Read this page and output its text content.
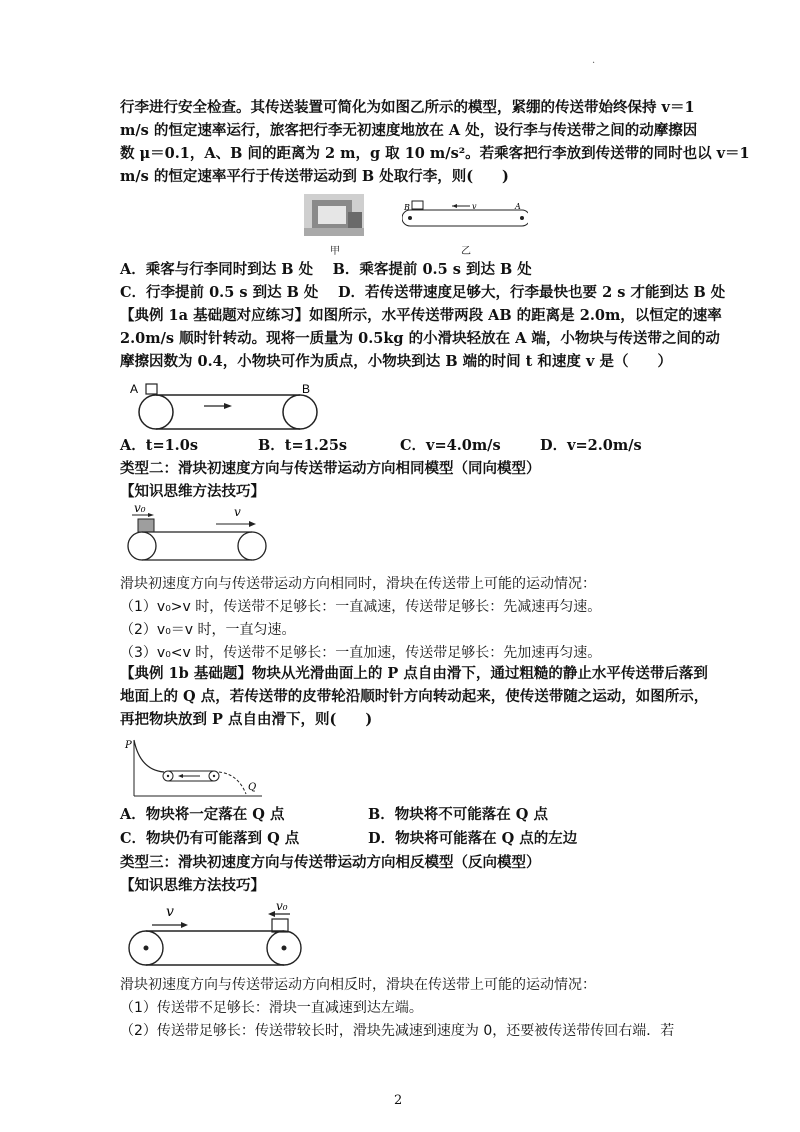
·
行李进行安全检查。其传送装置可简化为如图乙所示的模型，紧绷的传送带始终保持 v＝1
m/s 的恒定速率运行，旅客把行李无初速度地放在 A 处，设行李与传送带之间的动摩擦因
数 μ＝0.1，A、B 间的距离为 2 m，g 取 10 m/s²。若乘客把行李放到传送带的同时也以 v＝1
m/s 的恒定速率平行于传送带运动到 B 处取行李，则(　　)
甲
B	v	A
乙
A．乘客与行李同时到达 B 处　 B．乘客提前 0.5 s 到达 B 处
C．行李提前 0.5 s 到达 B 处　 D．若传送带速度足够大，行李最快也要 2 s 才能到达 B 处
【典例 1a 基础题对应练习】如图所示，水平传送带两段 AB 的距离是 2.0m，以恒定的速率
2.0m/s 顺时针转动。现将一质量为 0.5kg 的小滑块轻放在 A 端，小物块与传送带之间的动
摩擦因数为 0.4，小物块可作为质点，小物块到达 B 端的时间 t 和速度 v 是（　　）
A	B
A．t=1.0s	B．t=1.25s	C．v=4.0m/s	D．v=2.0m/s
类型二：滑块初速度方向与传送带运动方向相同模型（同向模型）
【知识思维方法技巧】
v₀	v
滑块初速度方向与传送带运动方向相同时，滑块在传送带上可能的运动情况：
（1）v₀>v 时，传送带不足够长：一直减速，传送带足够长：先减速再匀速。
（2）v₀＝v 时，一直匀速。
（3）v₀<v 时，传送带不足够长：一直加速，传送带足够长：先加速再匀速。
【典例 1b 基础题】物块从光滑曲面上的 P 点自由滑下，通过粗糙的静止水平传送带后落到
地面上的 Q 点，若传送带的皮带轮沿顺时针方向转动起来，使传送带随之运动，如图所示，
再把物块放到 P 点自由滑下，则(　　)
P
Q
A．物块将一定落在 Q 点	B．物块将不可能落在 Q 点
C．物块仍有可能落到 Q 点	D．物块将可能落在 Q 点的左边
类型三：滑块初速度方向与传送带运动方向相反模型（反向模型）
【知识思维方法技巧】
v	v₀
滑块初速度方向与传送带运动方向相反时，滑块在传送带上可能的运动情况：
（1）传送带不足够长：滑块一直减速到达左端。
（2）传送带足够长：传送带较长时，滑块先减速到速度为 0，还要被传送带传回右端．若
2
